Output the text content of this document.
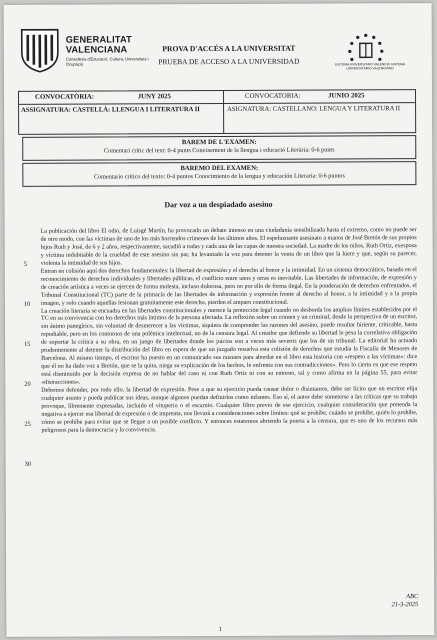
GENERALITAT VALENCIANA
Conselleria d'Educació, Cultura, Universitats i Ocupació
PROVA D'ACCÉS A LA UNIVERSITAT
PRUEBA DE ACCESO A LA UNIVERSIDAD	SISTEMA UNIVERSITARI VALENCIÀ SISTEMA UNIVERSITARIO VALENCIANO
CONVOCATÒRIA:	JUNY 2025	CONVOCATORIA:	JUNIO 2025
ASSIGNATURA: CASTELLÀ: LLENGUA I LITERATURA II	ASIGNATURA: CASTELLANO: LENGUA Y LITERATURA II
BAREM DE L'EXAMEN:
Comentari crític del text: 0-4 punts Coneixement de la llengua i educació Literària: 0-6 punts
BAREMO DEL EXAMEN:
Comentario crítico del texto: 0-4 puntos Conocimiento de la lengua y educación Literaria: 0-6 puntos
Dar voz a un despiadado asesino

La publicación del libro El odio, de Luisgé Martín, ha provocado un debate intenso en una ciudadanía sensibilizada hasta el extremo, como no puede ser de otro modo, con las víctimas de uno de los más horrendos crímenes de los últimos años. El espeluznante asesinato a manos de José Bretón de sus propios hijos Ruth y José, de 6 y 2 años, respectivamente, sacudió a todas y cada una de las capas de nuestra sociedad. La madre de los niños, Ruth Ortiz, exesposa y víctima indubitable de la crueldad de este asesino sin par, ha levantado la voz para detener la venta de un libro que la hiere y que, según su parecer, violenta la intimidad de sus hijos.

Entran en colisión aquí dos derechos fundamentales: la libertad de expresión y el derecho al honor y la intimidad. En un sistema democrático, basado en el reconocimiento de derechos individuales y libertades públicas, el conflicto entre unos y otras es inevitable. Las libertades de información, de expresión y de creación artística a veces se ejercen de forma molesta, incluso dolorosa, pero no por ello de forma ilegal. En la ponderación de derechos enfrentados, el Tribunal Constitucional (TC) parte de la primacía de las libertades de información y expresión frente al derecho al honor, a la intimidad y a la propia imagen, y solo cuando aquellas lesionan gratuitamente este derecho, pierden el amparo constitucional.

La creación literaria se encuadra en las libertades constitucionales y merece la protección legal cuando no desborda los amplios límites establecidos por el TC en su convivencia con los derechos más íntimos de la persona afectada. La reflexión sobre un crimen y un criminal, desde la perspectiva de un escritor, sin ánimo panegírico, sin voluntad de desmerecer a las víctimas, siquiera de comprender las razones del asesino, puede resultar hiriente, criticable, hasta repudiable, pero en los contornos de una polémica intelectual, no de la censura legal. Al creador que defiende su libertad le pesa la correlativa obligación de soportar la crítica a su obra, en un juego de libertades donde los juicios son a veces más severos que los de un tribunal. La editorial ha actuado prudentemente al detener la distribución del libro en espera de que un juzgado resuelva esta colisión de derechos que estudia la Fiscalía de Menores de Barcelona. Al mismo tiempo, el escritor ha puesto en un comunicado sus razones para abordar en el libro esta historia con «respeto a las víctimas»: dice que él no ha dado voz a Bretón, que se la quita, niega su explicación de los hechos, le enfrenta con sus contradicciones». Pero lo cierto es que ese respeto está disminuido por la decisión expresa de no hablar del caso ni con Ruth Ortiz ni con su entorno, tal y como afirma en la página 55, para evitar «distracciones».

Debemos defender, por todo ello, la libertad de expresión. Pese a que su ejercicio pueda causar dolor o disintamos, debe ser lícito que un escritor elija cualquier asunto y pueda publicar sus ideas, aunque algunos puedan definirlos como infames. Eso sí, el autor debe someterse a las críticas que su trabajo provoque, libremente expresadas, incluido el vituperio o el escarnio. Cualquier filtro previo de ese ejercicio, cualquier consideración que pretenda la negativa a ejercer esa libertad de expresión o de imprenta, nos llevará a consideraciones sobre límites: qué se prohíbe, cuándo se prohíbe, quién lo prohíbe, cómo se prohíbe para evitar que se llegue a un posible conflicto. Y entonces estaremos abriendo la puerta a la censura, que es uno de los recursos más peligrosos para la democracia y la convivencia.

5
10
15
20
25
30
ABC
21-3-2025
1
